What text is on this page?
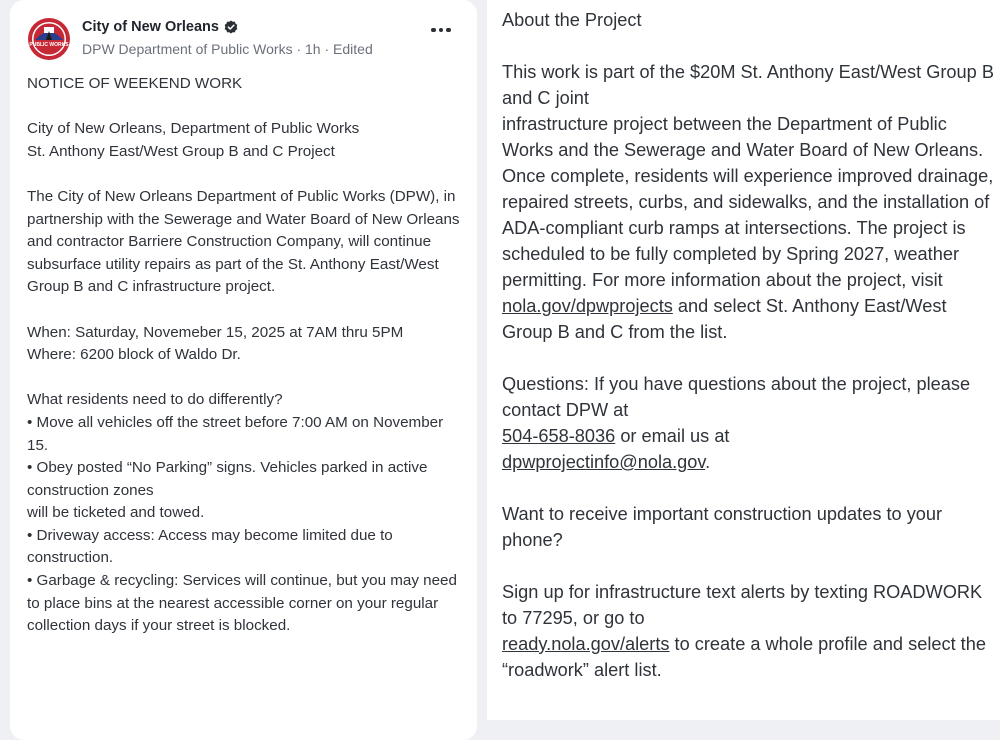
PUBLIC WORKS
City of New Orleans
DPW Department of Public Works · 1h · Edited

NOTICE OF WEEKEND WORK

City of New Orleans, Department of Public Works
St. Anthony East/West Group B and C Project

The City of New Orleans Department of Public Works (DPW), in partnership with the Sewerage and Water Board of New Orleans and contractor Barriere Construction Company, will continue subsurface utility repairs as part of the St. Anthony East/West Group B and C infrastructure project.

When: Saturday, Novemeber 15, 2025 at 7AM thru 5PM
Where: 6200 block of Waldo Dr.

What residents need to do differently?
• Move all vehicles off the street before 7:00 AM on November 15.
• Obey posted “No Parking” signs. Vehicles parked in active construction zones
will be ticketed and towed.
• Driveway access: Access may become limited due to construction.
• Garbage & recycling: Services will continue, but you may need to place bins at the nearest accessible corner on your regular collection days if your street is blocked.

About the Project

This work is part of the $20M St. Anthony East/West Group B and C joint
infrastructure project between the Department of Public Works and the Sewerage and Water Board of New Orleans. Once complete, residents will experience improved drainage, repaired streets, curbs, and sidewalks, and the installation of ADA-compliant curb ramps at intersections. The project is scheduled to be fully completed by Spring 2027, weather permitting. For more information about the project, visit nola.gov/dpwprojects and select St. Anthony East/West Group B and C from the list.

Questions: If you have questions about the project, please contact DPW at
504-658-8036 or email us at
dpwprojectinfo@nola.gov.

Want to receive important construction updates to your phone?

Sign up for infrastructure text alerts by texting ROADWORK to 77295, or go to
ready.nola.gov/alerts to create a whole profile and select the “roadwork” alert list.
